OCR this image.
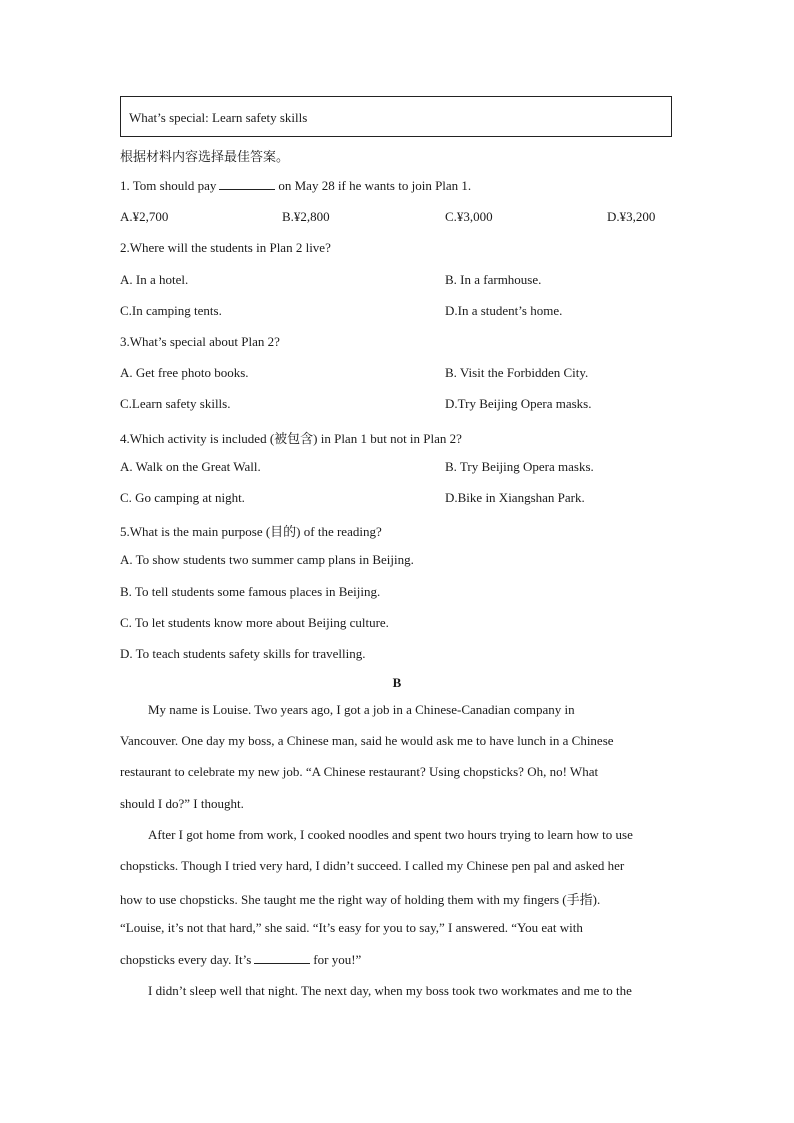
What’s special: Learn safety skills
根据材料内容选择最佳答案。
1. Tom should pay	on May 28 if he wants to join Plan 1.
A.¥2,700	B.¥2,800	C.¥3,000	D.¥3,200
2.Where will the students in Plan 2 live?
A. In a hotel.	B. In a farmhouse.
C.In camping tents.	D.In a student’s home.
3.What’s special about Plan 2?
A. Get free photo books.	B. Visit the Forbidden City.
C.Learn safety skills.	D.Try Beijing Opera masks.
4.Which activity is included (被包含) in Plan 1 but not in Plan 2?
A. Walk on the Great Wall.	B. Try Beijing Opera masks.
C. Go camping at night.	D.Bike in Xiangshan Park.
5.What is the main purpose (目的) of the reading?
A. To show students two summer camp plans in Beijing.
B. To tell students some famous places in Beijing.
C. To let students know more about Beijing culture.
D. To teach students safety skills for travelling.
B
My name is Louise. Two years ago, I got a job in a Chinese-Canadian company in
Vancouver. One day my boss, a Chinese man, said he would ask me to have lunch in a Chinese
restaurant to celebrate my new job. “A Chinese restaurant? Using chopsticks? Oh, no! What
should I do?” I thought.
After I got home from work, I cooked noodles and spent two hours trying to learn how to use
chopsticks. Though I tried very hard, I didn’t succeed. I called my Chinese pen pal and asked her
how to use chopsticks. She taught me the right way of holding them with my fingers (手指).
“Louise, it’s not that hard,” she said. “It’s easy for you to say,” I answered. “You eat with
chopsticks every day. It’s	for you!”
I didn’t sleep well that night. The next day, when my boss took two workmates and me to the
